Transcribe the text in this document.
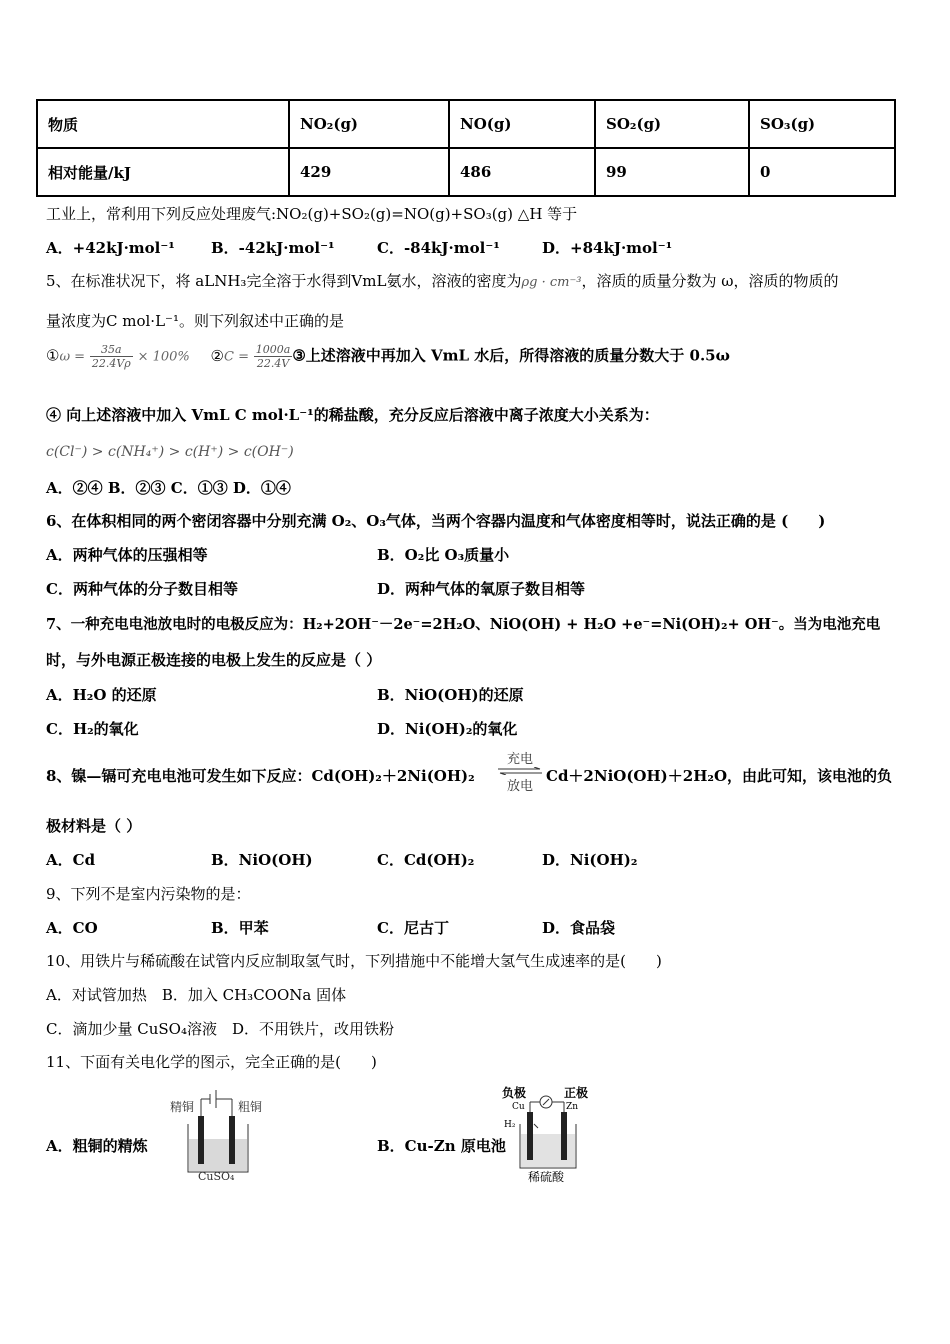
物质	NO₂(g)	NO(g)	SO₂(g)	SO₃(g)
相对能量/kJ	429	486	99	0
工业上，常利用下列反应处理废气:NO₂(g)+SO₂(g)=NO(g)+SO₃(g) △H 等于
A．+42kJ·mol⁻¹ B．-42kJ·mol⁻¹	C．-84kJ·mol⁻¹	D．+84kJ·mol⁻¹
5、在标准状况下，将 aLNH₃完全溶于水得到VmL氨水，溶液的密度为ρg · cm⁻³，溶质的质量分数为 ω，溶质的物质的
量浓度为C mol·L⁻¹。则下列叙述中正确的是
①ω = $\frac{35a}{22.4V\rho} \times 100\%$ ②C = $\frac{1000a}{22.4V}$ ③上述溶液中再加入 VmL 水后，所得溶液的质量分数大于 0.5ω
④ 向上述溶液中加入 VmL C mol·L⁻¹的稀盐酸，充分反应后溶液中离子浓度大小关系为：
c(Cl⁻) > c(NH₄⁺) > c(H⁺) > c(OH⁻)
A．②④ B．②③ C．①③ D．①④
6、在体积相同的两个密闭容器中分别充满 O₂、O₃气体，当两个容器内温度和气体密度相等时，说法正确的是 (　　)
A．两种气体的压强相等	B．O₂比 O₃质量小
C．两种气体的分子数目相等	D．两种气体的氧原子数目相等
7、一种充电电池放电时的电极反应为：H₂+2OH⁻－2e⁻=2H₂O、NiO(OH) + H₂O +e⁻=Ni(OH)₂+ OH⁻。当为电池充电
时，与外电源正极连接的电极上发生的反应是（ ）
A．H₂O 的还原	B．NiO(OH)的还原
C．H₂的氧化	D．Ni(OH)₂的氧化
8、镍—镉可充电电池可发生如下反应：Cd(OH)₂＋2Ni(OH)₂
充电
放电
Cd＋2NiO(OH)＋2H₂O，由此可知，该电池的负
极材料是（ ）
A．Cd	B．NiO(OH)	C．Cd(OH)₂	D．Ni(OH)₂
9、下列不是室内污染物的是：
A．CO	B．甲苯	C．尼古丁	D．食品袋
10、用铁片与稀硫酸在试管内反应制取氢气时，下列措施中不能增大氢气生成速率的是(　　)
A．对试管加热　B．加入 CH₃COONa 固体
C．滴加少量 CuSO₄溶液　D．不用铁片，改用铁粉
11、下面有关电化学的图示，完全正确的是(　　)
A．粗铜的精炼	B．Cu-Zn 原电池
精铜	粗铜
CuSO₄
负极	正极
Cu	Zn
H₂
稀硫酸
